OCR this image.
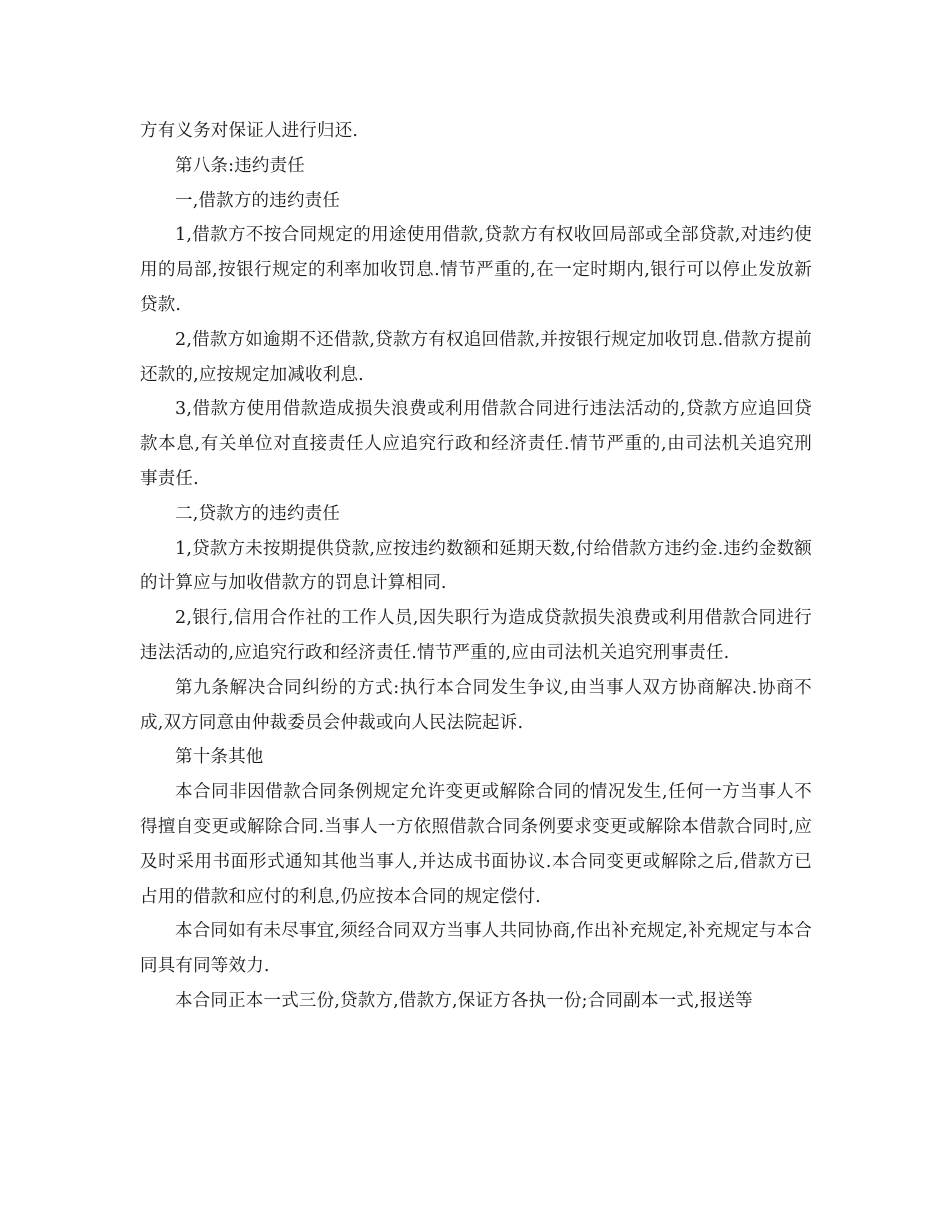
方有义务对保证人进行归还.

第八条:违约责任

一,借款方的违约责任

1,借款方不按合同规定的用途使用借款,贷款方有权收回局部或全部贷款,对违约使用的局部,按银行规定的利率加收罚息.情节严重的,在一定时期内,银行可以停止发放新贷款.

2,借款方如逾期不还借款,贷款方有权追回借款,并按银行规定加收罚息.借款方提前还款的,应按规定加减收利息.

3,借款方使用借款造成损失浪费或利用借款合同进行违法活动的,贷款方应追回贷款本息,有关单位对直接责任人应追究行政和经济责任.情节严重的,由司法机关追究刑事责任.

二,贷款方的违约责任

1,贷款方未按期提供贷款,应按违约数额和延期天数,付给借款方违约金.违约金数额的计算应与加收借款方的罚息计算相同.

2,银行,信用合作社的工作人员,因失职行为造成贷款损失浪费或利用借款合同进行违法活动的,应追究行政和经济责任.情节严重的,应由司法机关追究刑事责任.

第九条解决合同纠纷的方式:执行本合同发生争议,由当事人双方协商解决.协商不成,双方同意由仲裁委员会仲裁或向人民法院起诉.

第十条其他

本合同非因借款合同条例规定允许变更或解除合同的情况发生,任何一方当事人不得擅自变更或解除合同.当事人一方依照借款合同条例要求变更或解除本借款合同时,应及时采用书面形式通知其他当事人,并达成书面协议.本合同变更或解除之后,借款方已占用的借款和应付的利息,仍应按本合同的规定偿付.

本合同如有未尽事宜,须经合同双方当事人共同协商,作出补充规定,补充规定与本合同具有同等效力.

本合同正本一式三份,贷款方,借款方,保证方各执一份;合同副本一式,报送等
